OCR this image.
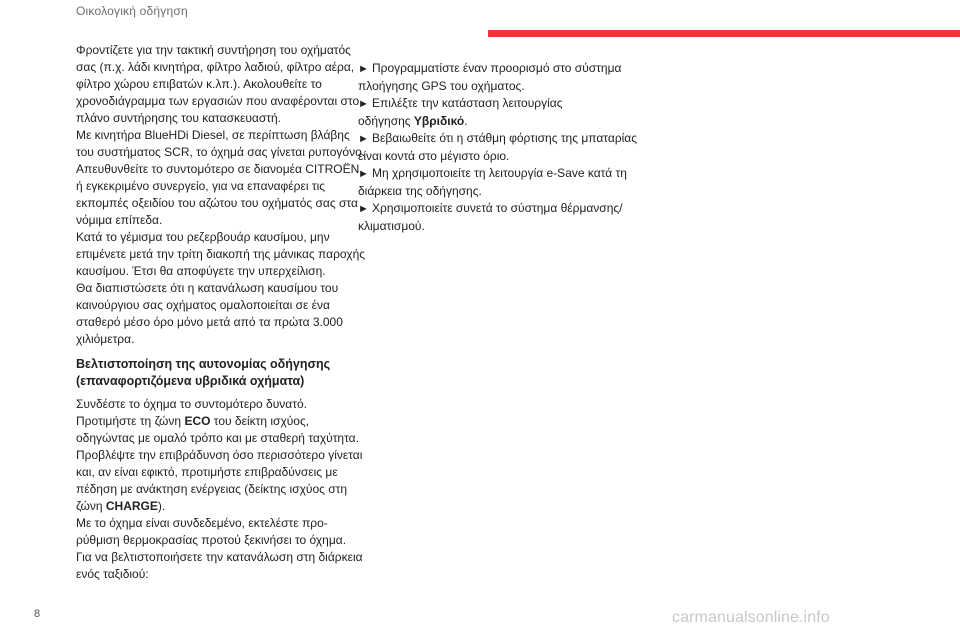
Οικολογική οδήγηση

Φροντίζετε για την τακτική συντήρηση του οχήματός
σας (π.χ. λάδι κινητήρα, φίλτρο λαδιού, φίλτρο αέρα,
φίλτρο χώρου επιβατών κ.λπ.). Ακολουθείτε το
χρονοδιάγραμμα των εργασιών που αναφέρονται στο
πλάνο συντήρησης του κατασκευαστή.

Με κινητήρα BlueHDi Diesel, σε περίπτωση βλάβης
του συστήματος SCR, το όχημά σας γίνεται ρυπογόνο.
Απευθυνθείτε το συντομότερο σε διανομέα CITROËN
ή εγκεκριμένο συνεργείο, για να επαναφέρει τις
εκπομπές οξειδίου του αζώτου του οχήματός σας στα
νόμιμα επίπεδα.

Κατά το γέμισμα του ρεζερβουάρ καυσίμου, μην
επιμένετε μετά την τρίτη διακοπή της μάνικας παροχής
καυσίμου. Έτσι θα αποφύγετε την υπερχείλιση.

Θα διαπιστώσετε ότι η κατανάλωση καυσίμου του
καινούργιου σας οχήματος ομαλοποιείται σε ένα
σταθερό μέσο όρο μόνο μετά από τα πρώτα 3.000
χιλιόμετρα.

Βελτιστοποίηση της αυτονομίας οδήγησης
(επαναφορτιζόμενα υβριδικά οχήματα)

Συνδέστε το όχημα το συντομότερο δυνατό.
Προτιμήστε τη ζώνη ECO του δείκτη ισχύος,
οδηγώντας με ομαλό τρόπο και με σταθερή ταχύτητα.
Προβλέψτε την επιβράδυνση όσο περισσότερο γίνεται
και, αν είναι εφικτό, προτιμήστε επιβραδύνσεις με
πέδηση με ανάκτηση ενέργειας (δείκτης ισχύος στη
ζώνη CHARGE).
Με το όχημα είναι συνδεδεμένο, εκτελέστε προ-
ρύθμιση θερμοκρασίας προτού ξεκινήσει το όχημα.
Για να βελτιστοποιήσετε την κατανάλωση στη διάρκεια
ενός ταξιδιού:

► Προγραμματίστε έναν προορισμό στο σύστημα
πλοήγησης GPS του οχήματος.
► Επιλέξτε την κατάσταση λειτουργίας
οδήγησης Υβριδικό.
► Βεβαιωθείτε ότι η στάθμη φόρτισης της μπαταρίας
είναι κοντά στο μέγιστο όριο.
► Μη χρησιμοποιείτε τη λειτουργία e-Save κατά τη
διάρκεια της οδήγησης.
► Χρησιμοποιείτε συνετά το σύστημα θέρμανσης/
κλιματισμού.
8	carmanualsonline.info
